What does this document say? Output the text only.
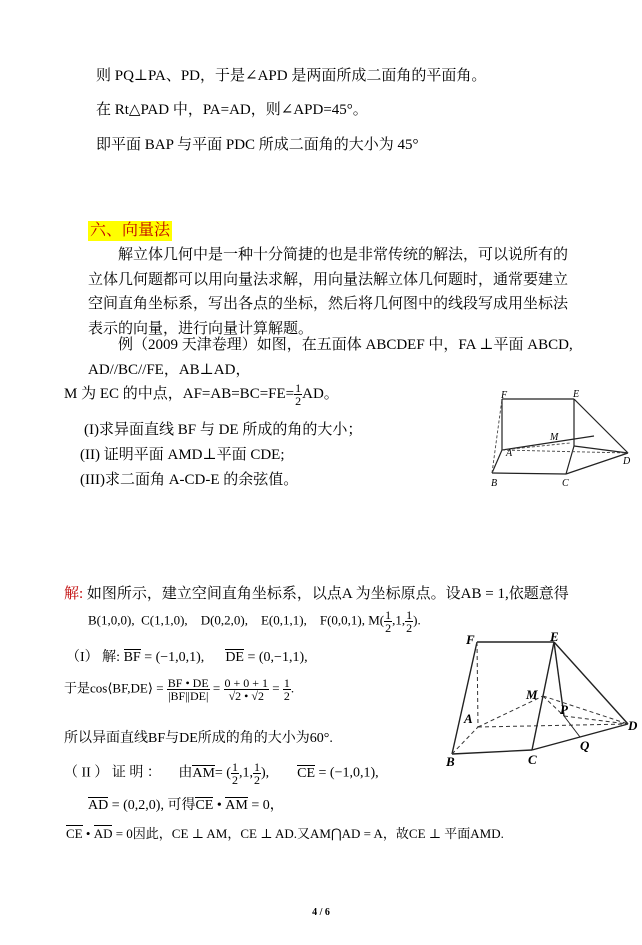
则 PQ⊥PA、PD，于是∠APD 是两面所成二面角的平面角。
在 Rt△PAD 中，PA=AD，则∠APD=45°。
即平面 BAP 与平面 PDC 所成二面角的大小为 45°
六、向量法
解立体几何中是一种十分简捷的也是非常传统的解法，可以说所有的立体几何题都可以用向量法求解，用向量法解立体几何题时，通常要建立空间直角坐标系，写出各点的坐标，然后将几何图中的线段写成用坐标法表示的向量，进行向量计算解题。
例（2009 天津卷理）如图，在五面体 ABCDEF 中，FA ⊥平面 ABCD, AD//BC//FE，AB⊥AD，
M 为 EC 的中点，$AF=AB=BC=FE= \frac{1}{2}$ AD。
(I)求异面直线 BF 与 DE 所成的角的大小；
(II) 证明平面 AMD⊥平面 CDE;
(III)求二面角 A-CD-E 的余弦值。
F	E
M
A
D
B	C
解: 如图所示，建立空间直角坐标系，以点A 为坐标原点。设AB = 1,依题意得
B(1,0,0), C(1,1,0), D(0,2,0), E(0,1,1), F(0,0,1), $M( \frac{1}{2} ,1$, $\frac{1}{2}$ ).
（I） 解: BF = (−1,0,1), DE = (0,−1,1),
于是cos⟨BF,DE⟩ = $\frac{BF • DE}{|BF||DE|} = \frac{0 + 0 + 1}{√2 • √2} = \frac{1}{2}$ .
所以异面直线BF与DE所成的角的大小为60°.
（ II ） 证 明 ： 由AM= ( $\frac{1}{2} ,1$, $\frac{1}{2}$ ), CE = (−1,0,1),
AD = (0,2,0), 可得CE • AM = 0，
CE • AD = 0因此，CE ⊥ AM，CE ⊥ AD.又AM⋂AD = A，故CE ⊥ 平面AMD.
F	E
M
P
A	D
B	C
Q
4 / 6
